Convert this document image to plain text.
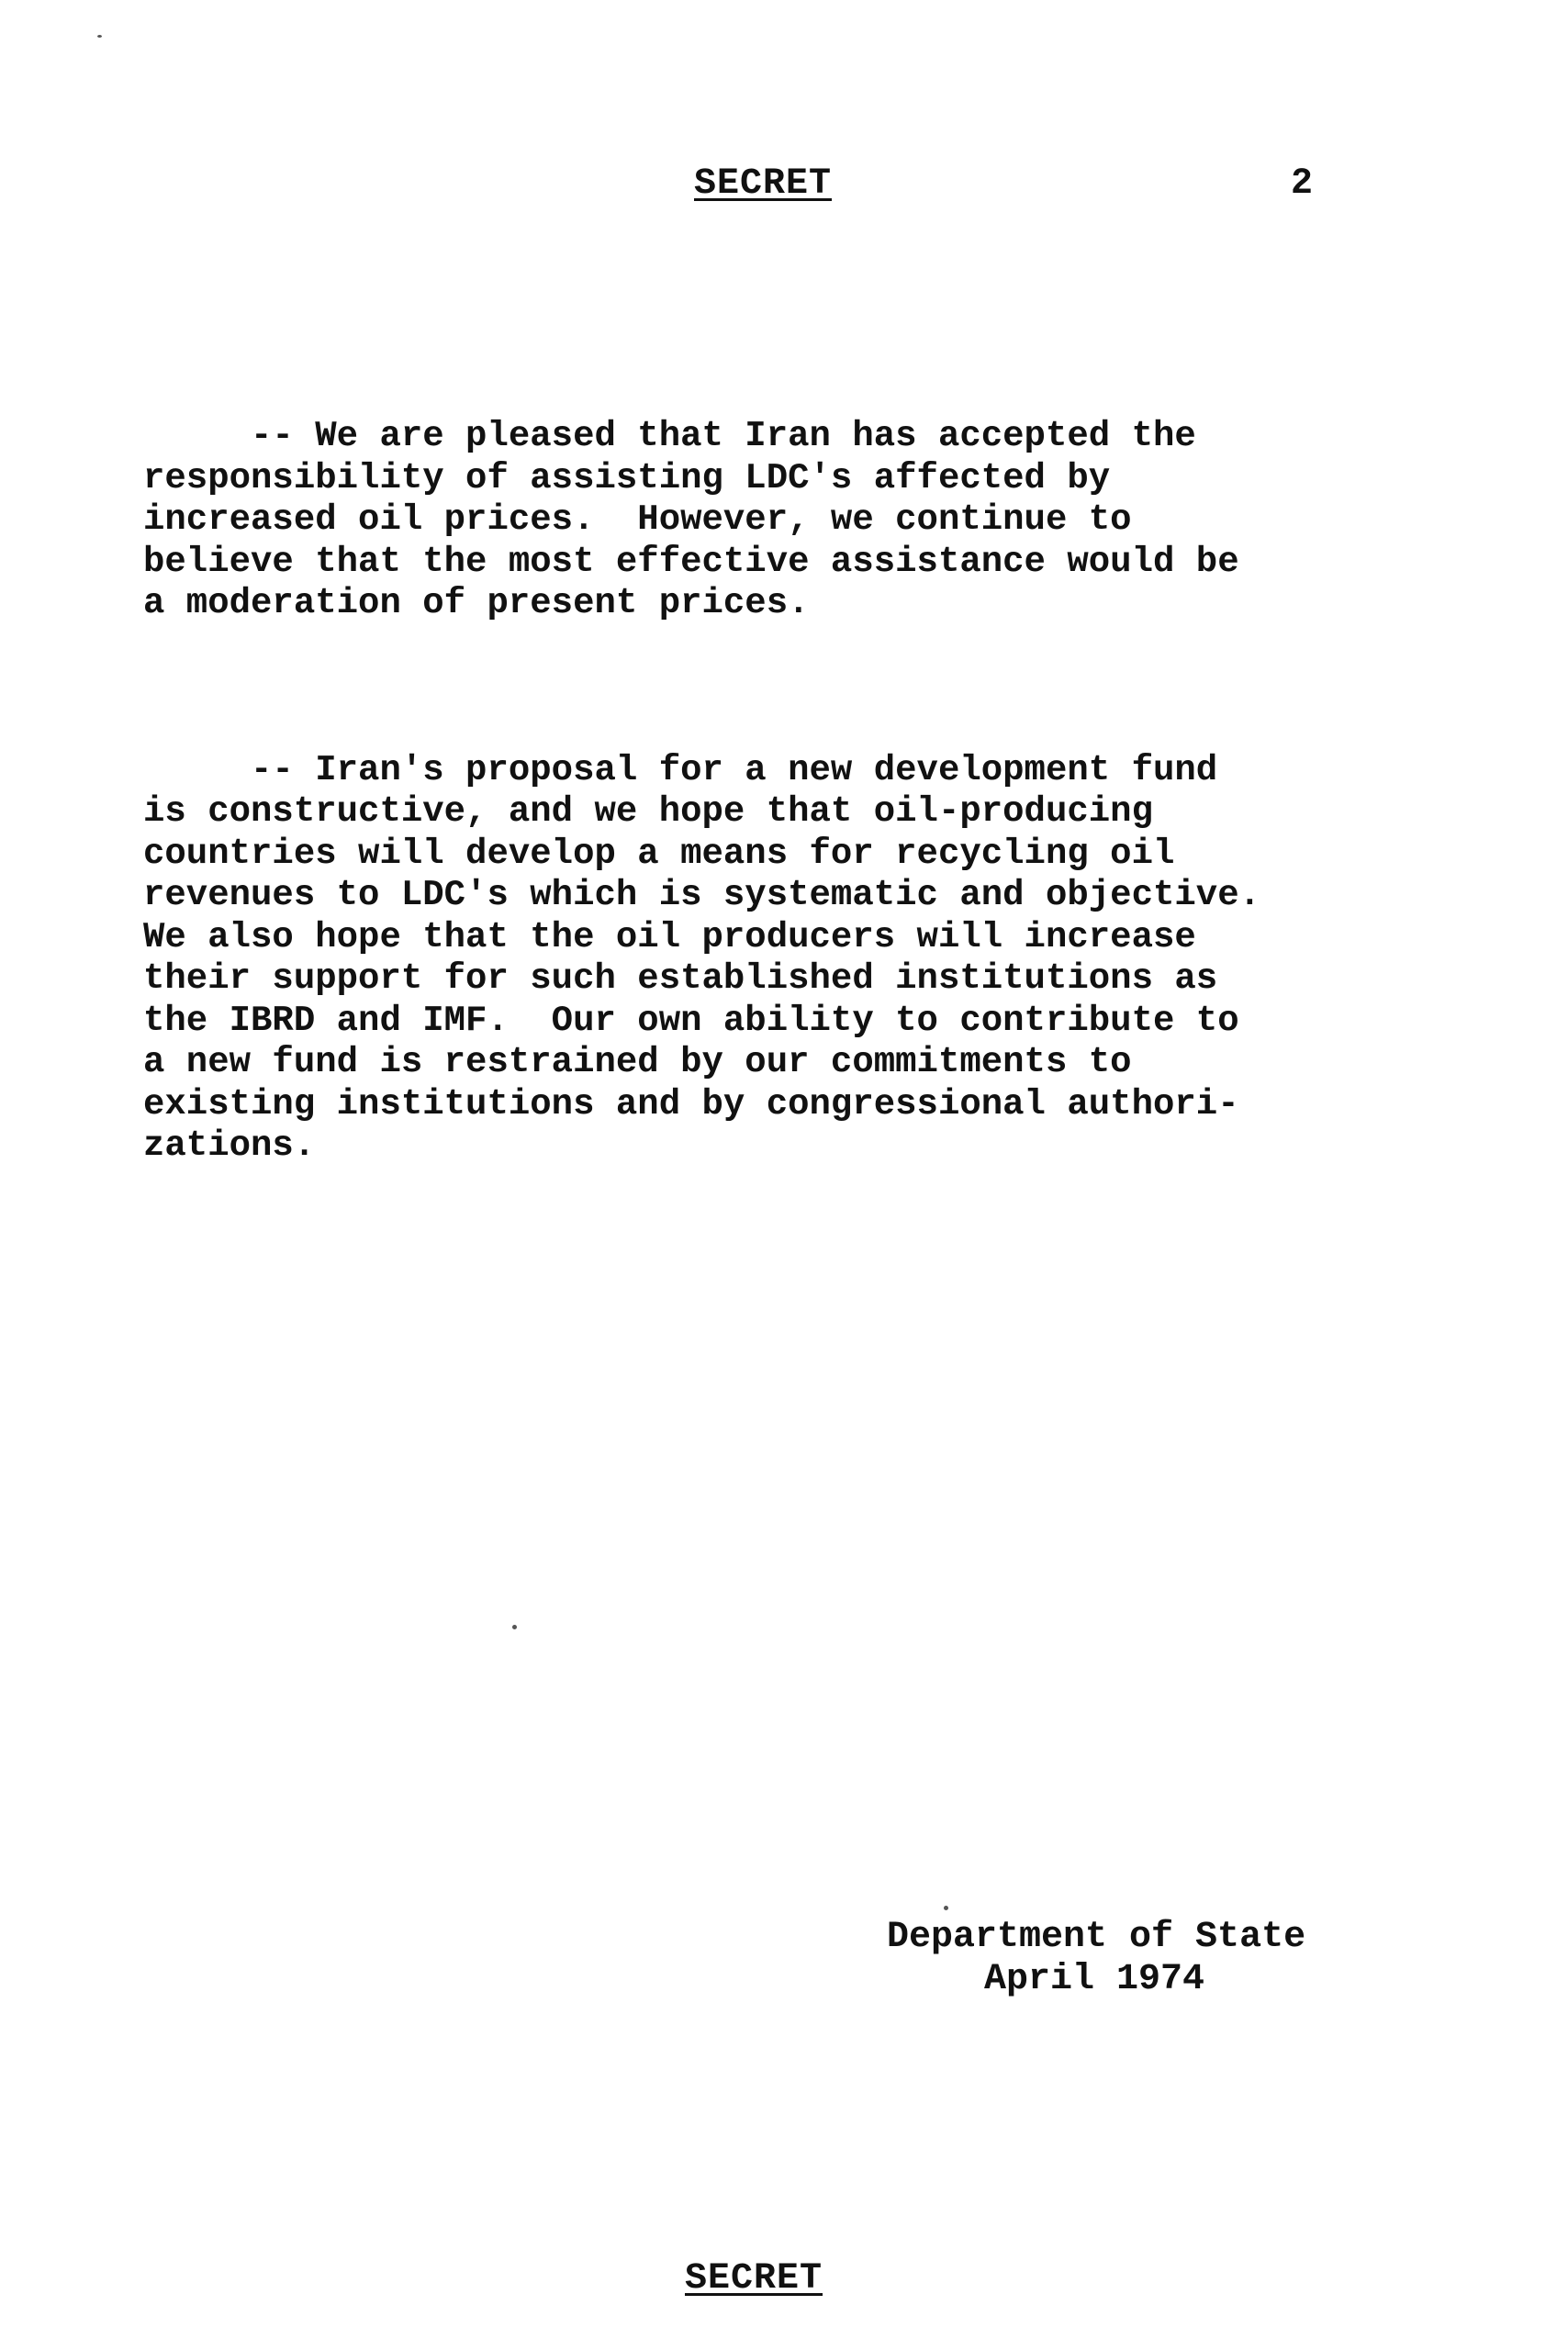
SECRET	2

-- We are pleased that Iran has accepted the
responsibility of assisting LDC's affected by
increased oil prices.  However, we continue to
believe that the most effective assistance would be
a moderation of present prices.

-- Iran's proposal for a new development fund
is constructive, and we hope that oil-producing
countries will develop a means for recycling oil
revenues to LDC's which is systematic and objective.
We also hope that the oil producers will increase
their support for such established institutions as
the IBRD and IMF.  Our own ability to contribute to
a new fund is restrained by our commitments to
existing institutions and by congressional authori-
zations.

Department of State

April 1974
SECRET
